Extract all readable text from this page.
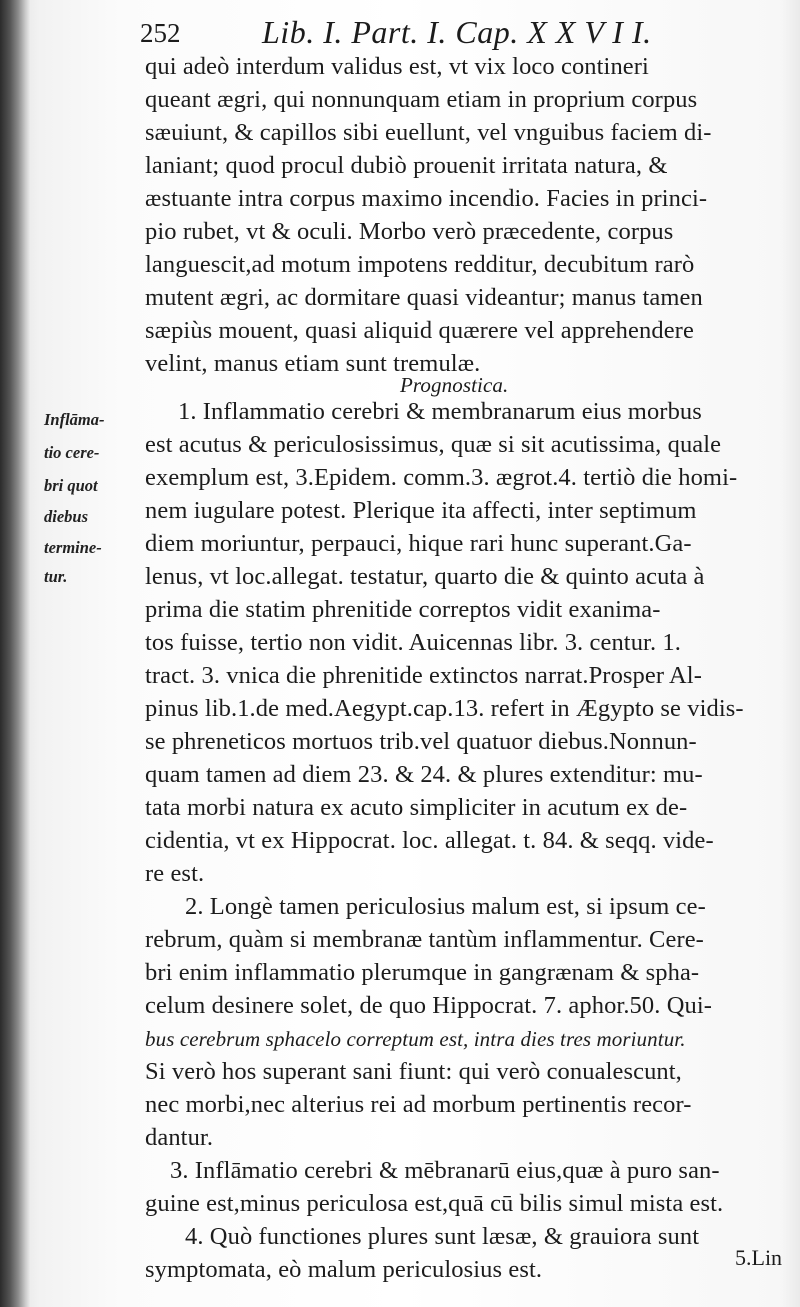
252	Lib. I. Part. I. Cap. X X V I I.
qui adeò interdum validus est, vt vix loco contineri
queant ægri, qui nonnunquam etiam in proprium corpus
sæuiunt, & capillos sibi euellunt, vel vnguibus faciem di-
laniant; quod procul dubiò prouenit irritata natura, &
æstuante intra corpus maximo incendio. Facies in princi-
pio rubet, vt & oculi. Morbo verò præcedente, corpus
languescit,ad motum impotens redditur, decubitum rarò
mutent ægri, ac dormitare quasi videantur; manus tamen
sæpiùs mouent, quasi aliquid quærere vel apprehendere
velint, manus etiam sunt tremulæ.
Prognostica.
1. Inflammatio cerebri & membranarum eius morbus
est acutus & periculosissimus, quæ si sit acutissima, quale
exemplum est, 3.Epidem. comm.3. ægrot.4. tertiò die homi-
nem iugulare potest. Plerique ita affecti, inter septimum
diem moriuntur, perpauci, hique rari hunc superant.Ga-
lenus, vt loc.allegat. testatur, quarto die & quinto acuta à
prima die statim phrenitide correptos vidit exanima-
tos fuisse, tertio non vidit. Auicennas libr. 3. centur. 1.
tract. 3. vnica die phrenitide extinctos narrat.Prosper Al-
pinus lib.1.de med.Aegypt.cap.13. refert in Ægypto se vidis-
se phreneticos mortuos trib.vel quatuor diebus.Nonnun-
quam tamen ad diem 23. & 24. & plures extenditur: mu-
tata morbi natura ex acuto simpliciter in acutum ex de-
cidentia, vt ex Hippocrat. loc. allegat. t. 84. & seqq. vide-
re est.
2. Longè tamen periculosius malum est, si ipsum ce-
rebrum, quàm si membranæ tantùm inflammentur. Cere-
bri enim inflammatio plerumque in gangrænam & spha-
celum desinere solet, de quo Hippocrat. 7. aphor.50. Qui-
bus cerebrum sphacelo correptum est, intra dies tres moriuntur.
Si verò hos superant sani fiunt: qui verò conualescunt,
nec morbi,nec alterius rei ad morbum pertinentis recor-
dantur.
3. Inflāmatio cerebri & mēbranarū eius,quæ à puro san-
guine est,minus periculosa est,quā cū bilis simul mista est.
4. Quò functiones plures sunt læsæ, & grauiora sunt
symptomata, eò malum periculosius est.
Inflāma-
tio cere-
bri quot
diebus
termine-
tur.
5.Lin
